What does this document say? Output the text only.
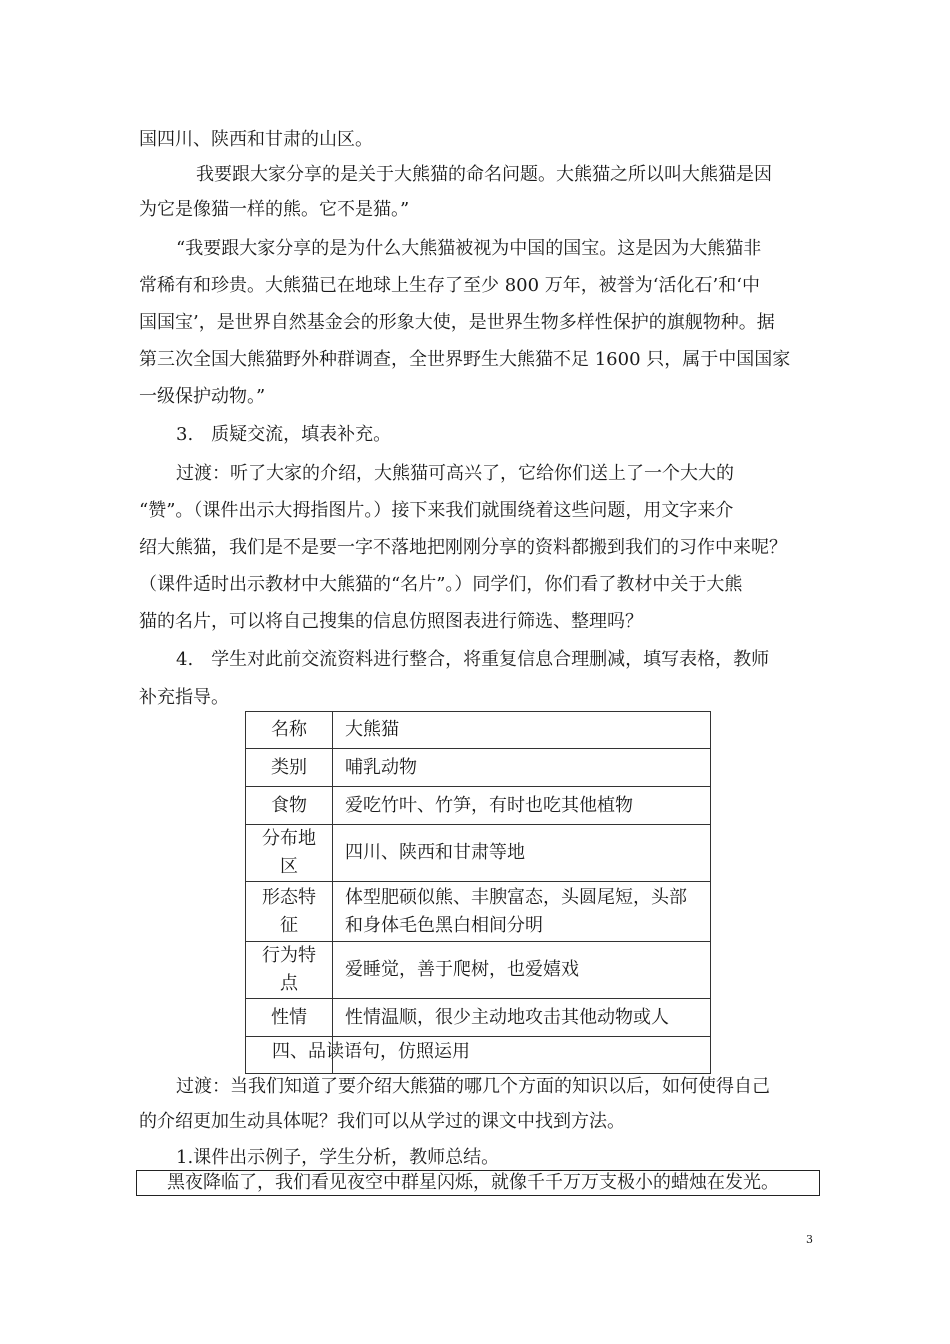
国四川、陕西和甘肃的山区。
我要跟大家分享的是关于大熊猫的命名问题。大熊猫之所以叫大熊猫是因
为它是像猫一样的熊。它不是猫。”
“我要跟大家分享的是为什么大熊猫被视为中国的国宝。这是因为大熊猫非
常稀有和珍贵。大熊猫已在地球上生存了至少 800 万年，被誉为‘活化石’和‘中
国国宝’，是世界自然基金会的形象大使，是世界生物多样性保护的旗舰物种。据
第三次全国大熊猫野外种群调查，全世界野生大熊猫不足 1600 只，属于中国国家
一级保护动物。”
3.　质疑交流，填表补充。
过渡：听了大家的介绍，大熊猫可高兴了，它给你们送上了一个大大的
“赞”。（课件出示大拇指图片。）接下来我们就围绕着这些问题，用文字来介
绍大熊猫，我们是不是要一字不落地把刚刚分享的资料都搬到我们的习作中来呢？
（课件适时出示教材中大熊猫的“名片”。）同学们，你们看了教材中关于大熊
猫的名片，可以将自己搜集的信息仿照图表进行筛选、整理吗？
4.　学生对此前交流资料进行整合，将重复信息合理删减，填写表格，教师
补充指导。
名称	大熊猫
类别	哺乳动物
食物	爱吃竹叶、竹笋，有时也吃其他植物
分布地区	四川、陕西和甘肃等地
形态特征	体型肥硕似熊、丰腴富态，头圆尾短，头部和身体毛色黑白相间分明
行为特点	爱睡觉，善于爬树，也爱嬉戏
性情	性情温顺，很少主动地攻击其他动物或人

四、品读语句，仿照运用
过渡：当我们知道了要介绍大熊猫的哪几个方面的知识以后，如何使得自己
的介绍更加生动具体呢？我们可以从学过的课文中找到方法。
1.课件出示例子，学生分析，教师总结。
黑夜降临了，我们看见夜空中群星闪烁，就像千千万万支极小的蜡烛在发光。
3
